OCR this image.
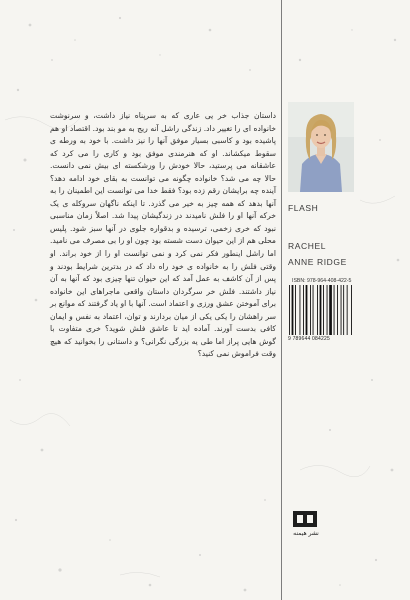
داستان جذاب خر یی عاری که به سرپناه نیاز داشت، و سرنوشت خانواده ای را تغییر داد. زندگی راشل آنه ریج به مو بند بود. اقتصاد او هم پاشیده بود و کاسبی بسیار موفق آنها را نیز داشت. با خود به ورطه ی سقوط میکشاند. او که هنرمندی موفق بود و کاری را می کرد که عاشقانه می پرستید، حالا خودش را ورشکسته ای بیش نمی دانست. حالا چه می شد؟ خانواده چگونه می توانست به بقای خود ادامه دهد؟ آینده چه برایشان رقم زده بود؟ فقط خدا می توانست این اطمینان را به آنها بدهد که همه چیز به خیر می گذرد. تا اینکه ناگهان سروکله ی یک خرکه آنها او را فلش نامیدند در زندگیشان پیدا شد. اصلاً زمان مناسبی نبود که خری زخمی، ترسیده و بدقواره جلوی در آنها سبز شود. پلیس محلی هم از این حیوان دست شسته بود چون او را بی مصرف می نامید. اما راشل اینطور فکر نمی کرد و نمی توانست او را از خود براند. او وقتی فلش را به خانواده ی خود راه داد که در بدترین شرایط بودند و پس از آن کاشف به عمل آمد که این حیوان تنها چیزی بود که آنها به آن نیاز داشتند. فلش خر سرگردان داستان واقعی ماجراهای این خانواده برای آموختن عشق ورزی و اعتماد است. آنها با او یاد گرفتند که موانع بر سر راهشان را یکی یکی از میان بردارند و توان، اعتماد به نفس و ایمان کافی بدست آورند. آماده اید تا عاشق فلش شوید؟ خری متفاوت با گوش هایی پراز اما طی یه بزرگی نگرانی؟ و داستانی را بخوانید که هیچ وقت فراموش نمی کنید؟

FLASH
RACHEL
ANNE RIDGE
ISBN: 978-964-408-422-5
9 789644 084225
نشر هیمنه
